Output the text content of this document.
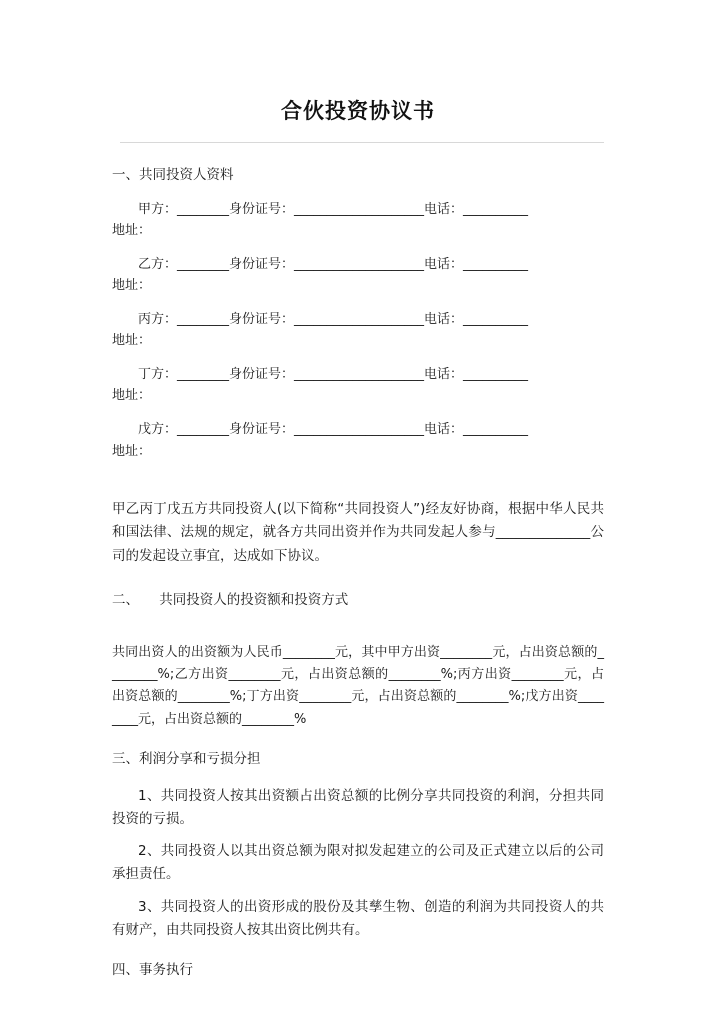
合伙投资协议书

一、共同投资人资料

　　甲方：________身份证号：____________________电话：__________

地址：

　　乙方：________身份证号：____________________电话：__________

地址：

　　丙方：________身份证号：____________________电话：__________

地址：

　　丁方：________身份证号：____________________电话：__________

地址：

　　戊方：________身份证号：____________________电话：__________

地址：

甲乙丙丁戊五方共同投资人(以下简称“共同投资人”)经友好协商，根据中华人民共和国法律、法规的规定，就各方共同出资并作为共同发起人参与______________公司的发起设立事宜，达成如下协议。

二、　　共同投资人的投资额和投资方式

共同出资人的出资额为人民币________元，其中甲方出资________元，占出资总额的________%;乙方出资________元，占出资总额的________%;丙方出资________元，占出资总额的________%;丁方出资________元，占出资总额的________%;戊方出资________元，占出资总额的________%

三、利润分享和亏损分担

1、共同投资人按其出资额占出资总额的比例分享共同投资的利润，分担共同投资的亏损。

2、共同投资人以其出资总额为限对拟发起建立的公司及正式建立以后的公司承担责任。

3、共同投资人的出资形成的股份及其孳生物、创造的利润为共同投资人的共有财产，由共同投资人按其出资比例共有。

四、事务执行
